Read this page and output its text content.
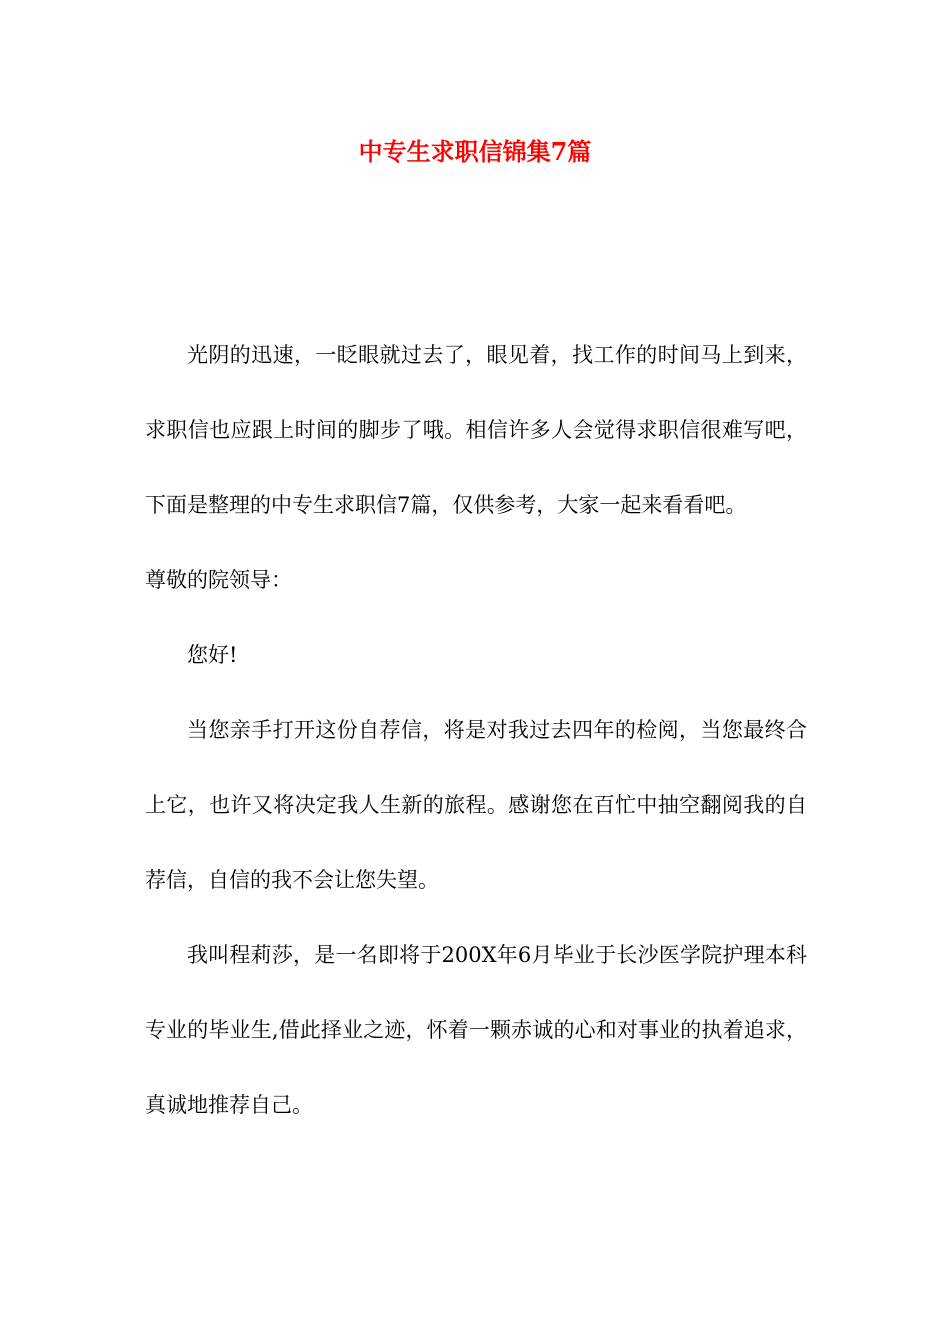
中专生求职信锦集7篇

光阴的迅速，一眨眼就过去了，眼见着，找工作的时间马上到来，求职信也应跟上时间的脚步了哦。相信许多人会觉得求职信很难写吧，下面是整理的中专生求职信7篇，仅供参考，大家一起来看看吧。

尊敬的院领导：

您好!

当您亲手打开这份自荐信，将是对我过去四年的检阅，当您最终合上它，也许又将决定我人生新的旅程。感谢您在百忙中抽空翻阅我的自荐信，自信的我不会让您失望。

我叫程莉莎，是一名即将于200X年6月毕业于长沙医学院护理本科专业的毕业生,借此择业之迹，怀着一颗赤诚的心和对事业的执着追求，真诚地推荐自己。
